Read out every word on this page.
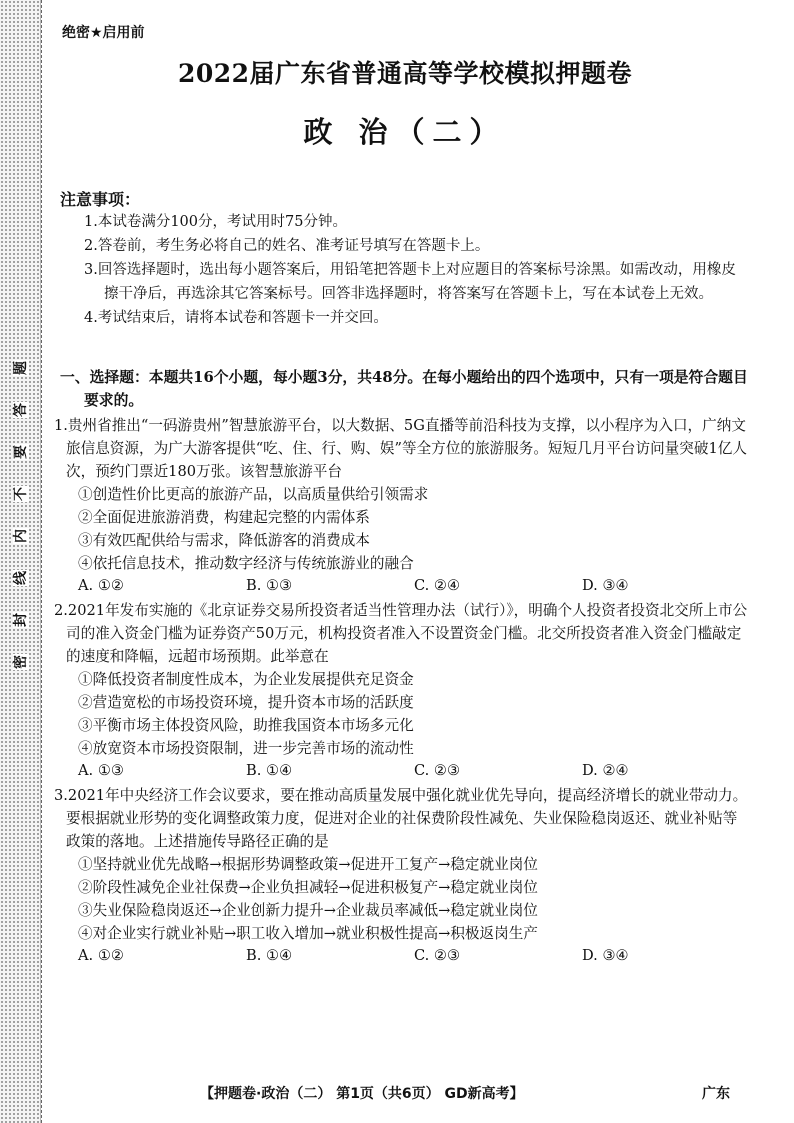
题
答
要
不
内
线
封
密
绝密★启用前
2022届广东省普通高等学校模拟押题卷
政 治（二）
注意事项：
1.本试卷满分100分，考试用时75分钟。
2.答卷前，考生务必将自己的姓名、准考证号填写在答题卡上。
3.回答选择题时，选出每小题答案后，用铅笔把答题卡上对应题目的答案标号涂黑。如需改动，用橡皮擦干净后，再选涂其它答案标号。回答非选择题时，将答案写在答题卡上，写在本试卷上无效。
4.考试结束后，请将本试卷和答题卡一并交回。
一、选择题：本题共16个小题，每小题3分，共48分。在每小题给出的四个选项中，只有一项是符合题目要求的。
1.贵州省推出“一码游贵州”智慧旅游平台，以大数据、5G直播等前沿科技为支撑，以小程序为入口，广纳文旅信息资源，为广大游客提供“吃、住、行、购、娱”等全方位的旅游服务。短短几月平台访问量突破1亿人次，预约门票近180万张。该智慧旅游平台
①创造性价比更高的旅游产品，以高质量供给引领需求
②全面促进旅游消费，构建起完整的内需体系
③有效匹配供给与需求，降低游客的消费成本
④依托信息技术，推动数字经济与传统旅游业的融合
A. ①②	B. ①③	C. ②④	D. ③④
2.2021年发布实施的《北京证券交易所投资者适当性管理办法（试行）》，明确个人投资者投资北交所上市公司的准入资金门槛为证券资产50万元，机构投资者准入不设置资金门槛。北交所投资者准入资金门槛敲定的速度和降幅，远超市场预期。此举意在
①降低投资者制度性成本，为企业发展提供充足资金
②营造宽松的市场投资环境，提升资本市场的活跃度
③平衡市场主体投资风险，助推我国资本市场多元化
④放宽资本市场投资限制，进一步完善市场的流动性
A. ①③	B. ①④	C. ②③	D. ②④
3.2021年中央经济工作会议要求，要在推动高质量发展中强化就业优先导向，提高经济增长的就业带动力。要根据就业形势的变化调整政策力度，促进对企业的社保费阶段性减免、失业保险稳岗返还、就业补贴等政策的落地。上述措施传导路径正确的是
①坚持就业优先战略→根据形势调整政策→促进开工复产→稳定就业岗位
②阶段性减免企业社保费→企业负担减轻→促进积极复产→稳定就业岗位
③失业保险稳岗返还→企业创新力提升→企业裁员率减低→稳定就业岗位
④对企业实行就业补贴→职工收入增加→就业积极性提高→积极返岗生产
A. ①②	B. ①④	C. ②③	D. ③④
【押题卷·政治（二） 第1页（共6页） GD新高考】	广东
